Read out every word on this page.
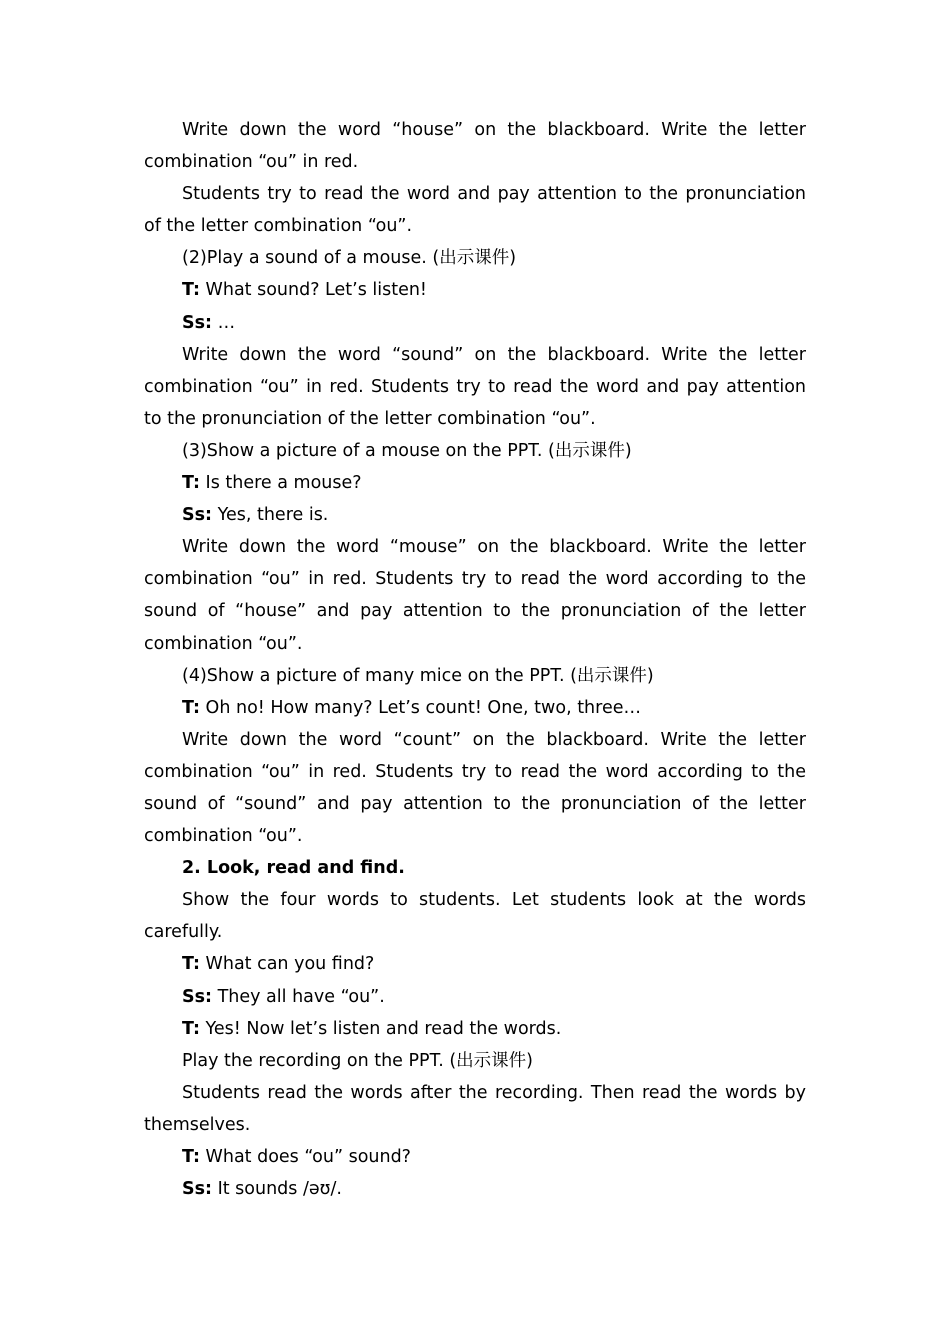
Write down the word “house” on the blackboard. Write the letter combination “ou” in red.

Students try to read the word and pay attention to the pronunciation of the letter combination “ou”.

(2)Play a sound of a mouse. (出示课件)

T: What sound? Let’s listen!

Ss: …

Write down the word “sound” on the blackboard. Write the letter combination “ou” in red. Students try to read the word and pay attention to the pronunciation of the letter combination “ou”.

(3)Show a picture of a mouse on the PPT. (出示课件)

T: Is there a mouse?

Ss: Yes, there is.

Write down the word “mouse” on the blackboard. Write the letter combination “ou” in red. Students try to read the word according to the sound of “house” and pay attention to the pronunciation of the letter combination “ou”.

(4)Show a picture of many mice on the PPT. (出示课件)

T: Oh no! How many? Let’s count! One, two, three…

Write down the word “count” on the blackboard. Write the letter combination “ou” in red. Students try to read the word according to the sound of “sound” and pay attention to the pronunciation of the letter combination “ou”.

2. Look, read and find.

Show the four words to students. Let students look at the words carefully.

T: What can you find?

Ss: They all have “ou”.

T: Yes! Now let’s listen and read the words.

Play the recording on the PPT. (出示课件)

Students read the words after the recording. Then read the words by themselves.

T: What does “ou” sound?

Ss: It sounds /əʊ/.
